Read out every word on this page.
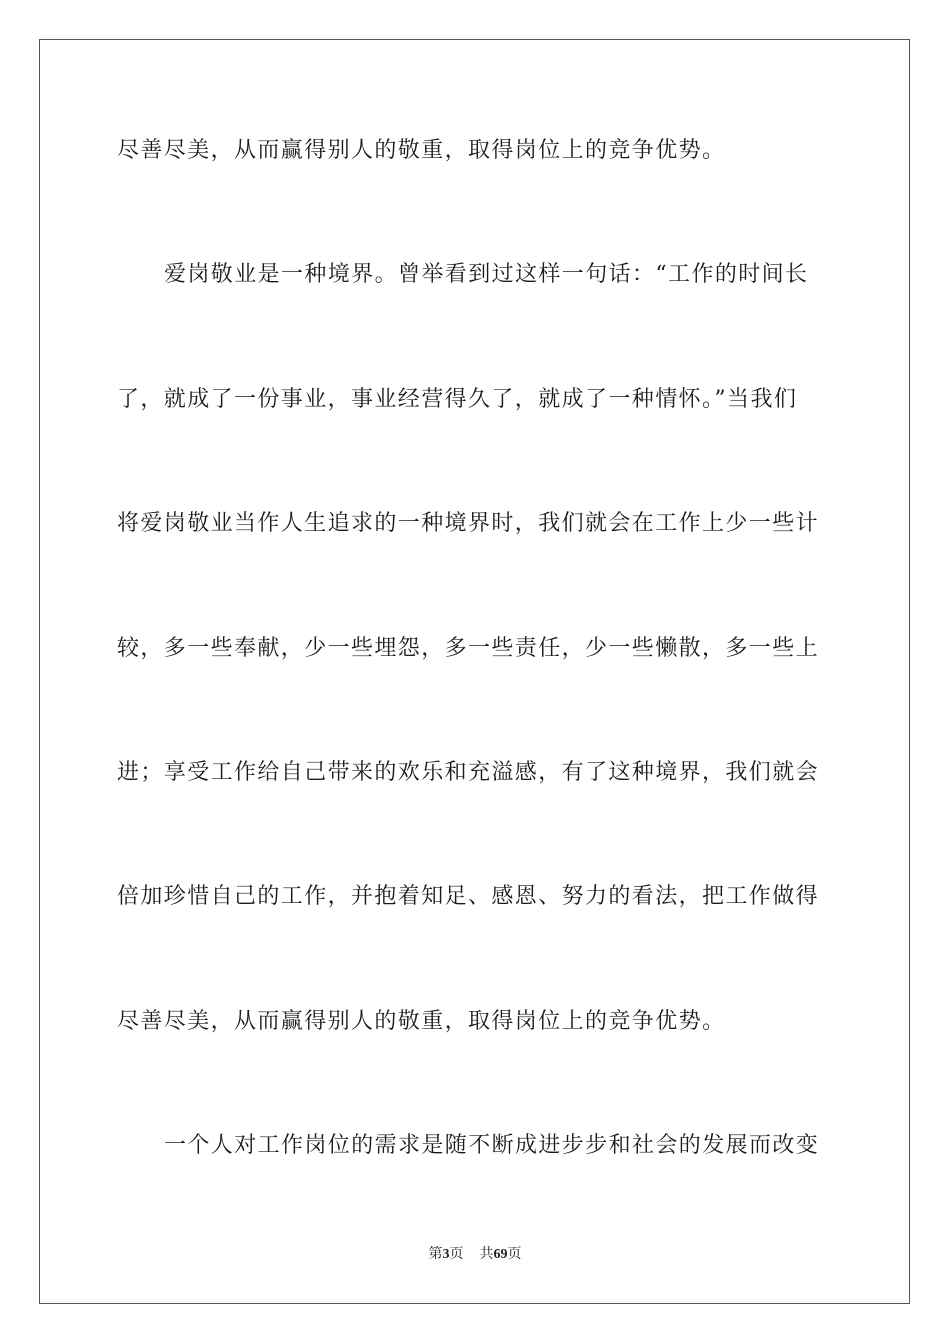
尽善尽美，从而赢得别人的敬重，取得岗位上的竞争优势。
爱岗敬业是一种境界。曾举看到过这样一句话：“工作的时间长
了，就成了一份事业，事业经营得久了，就成了一种情怀。”当我们
将爱岗敬业当作人生追求的一种境界时，我们就会在工作上少一些计
较，多一些奉献，少一些埋怨，多一些责任，少一些懒散，多一些上
进；享受工作给自己带来的欢乐和充溢感，有了这种境界，我们就会
倍加珍惜自己的工作，并抱着知足、感恩、努力的看法，把工作做得
尽善尽美，从而赢得别人的敬重，取得岗位上的竞争优势。
一个人对工作岗位的需求是随不断成进步步和社会的发展而改变
第3页 共69页
